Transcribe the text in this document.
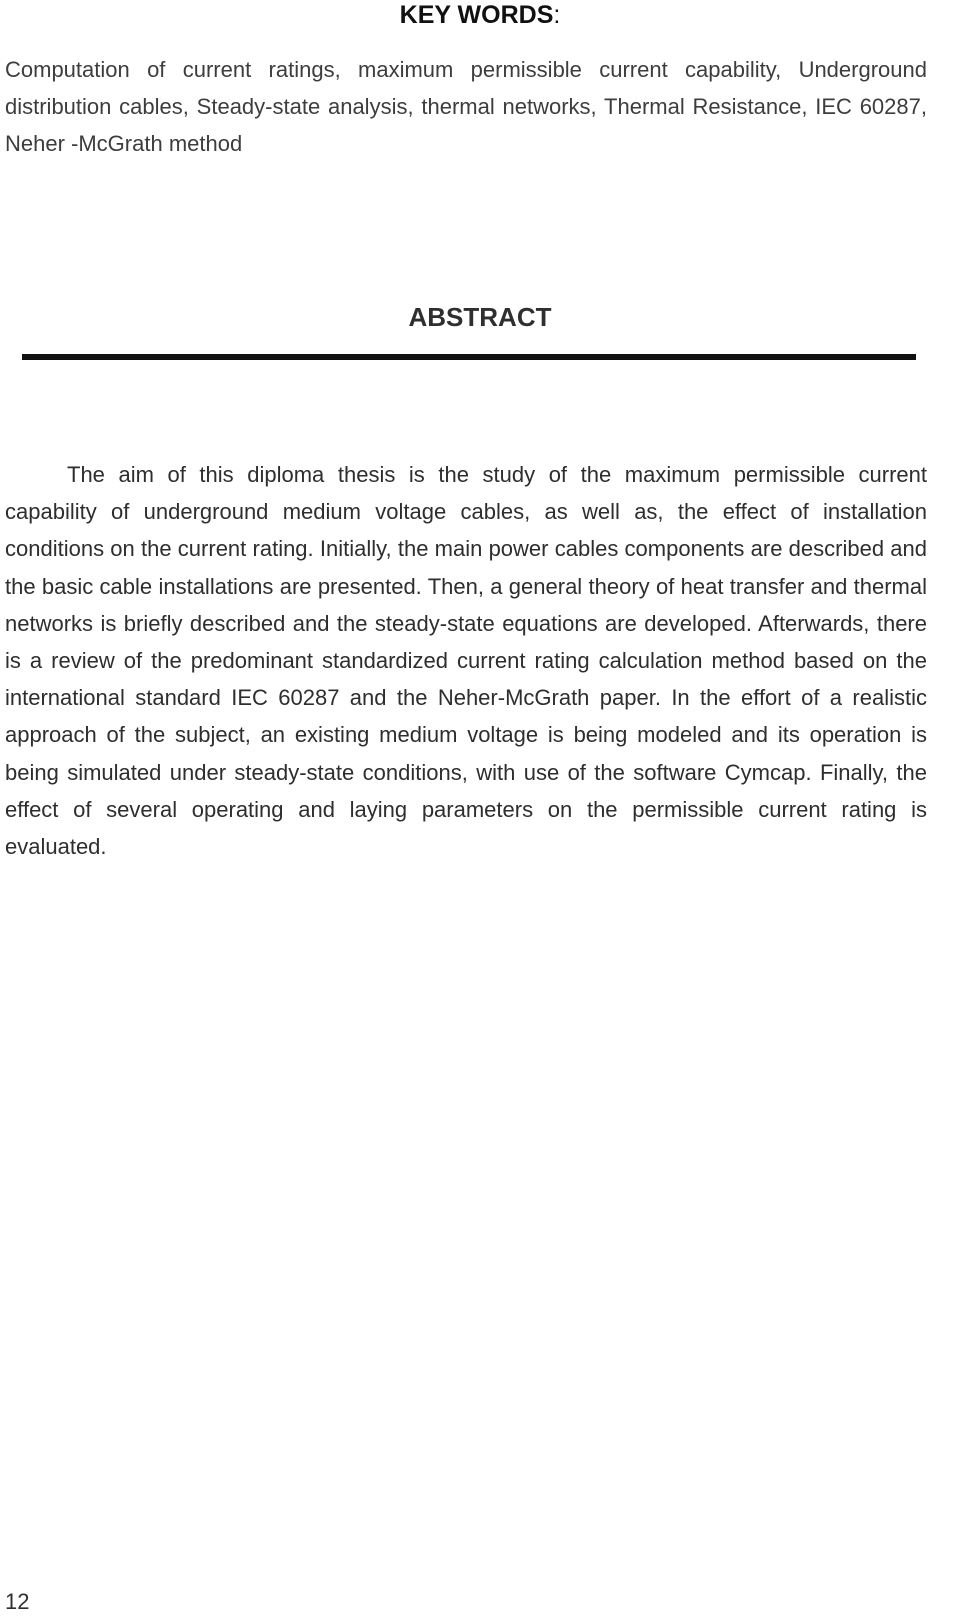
KEY WORDS:

Computation of current ratings, maximum permissible current capability, Underground distribution cables, Steady-state analysis, thermal networks, Thermal Resistance, IEC 60287, Neher -McGrath method

ABSTRACT

The aim of this diploma thesis is the study of the maximum permissible current capability of underground medium voltage cables, as well as, the effect of installation conditions on the current rating. Initially, the main power cables components are described and the basic cable installations are presented. Then, a general theory of heat transfer and thermal networks is briefly described and the steady-state equations are developed. Afterwards, there is a review of the predominant standardized current rating calculation method based on the international standard IEC 60287 and the Neher-McGrath paper. In the effort of a realistic approach of the subject, an existing medium voltage is being modeled and its operation is being simulated under steady-state conditions, with use of the software Cymcap. Finally, the effect of several operating and laying parameters on the permissible current rating is evaluated.

12
